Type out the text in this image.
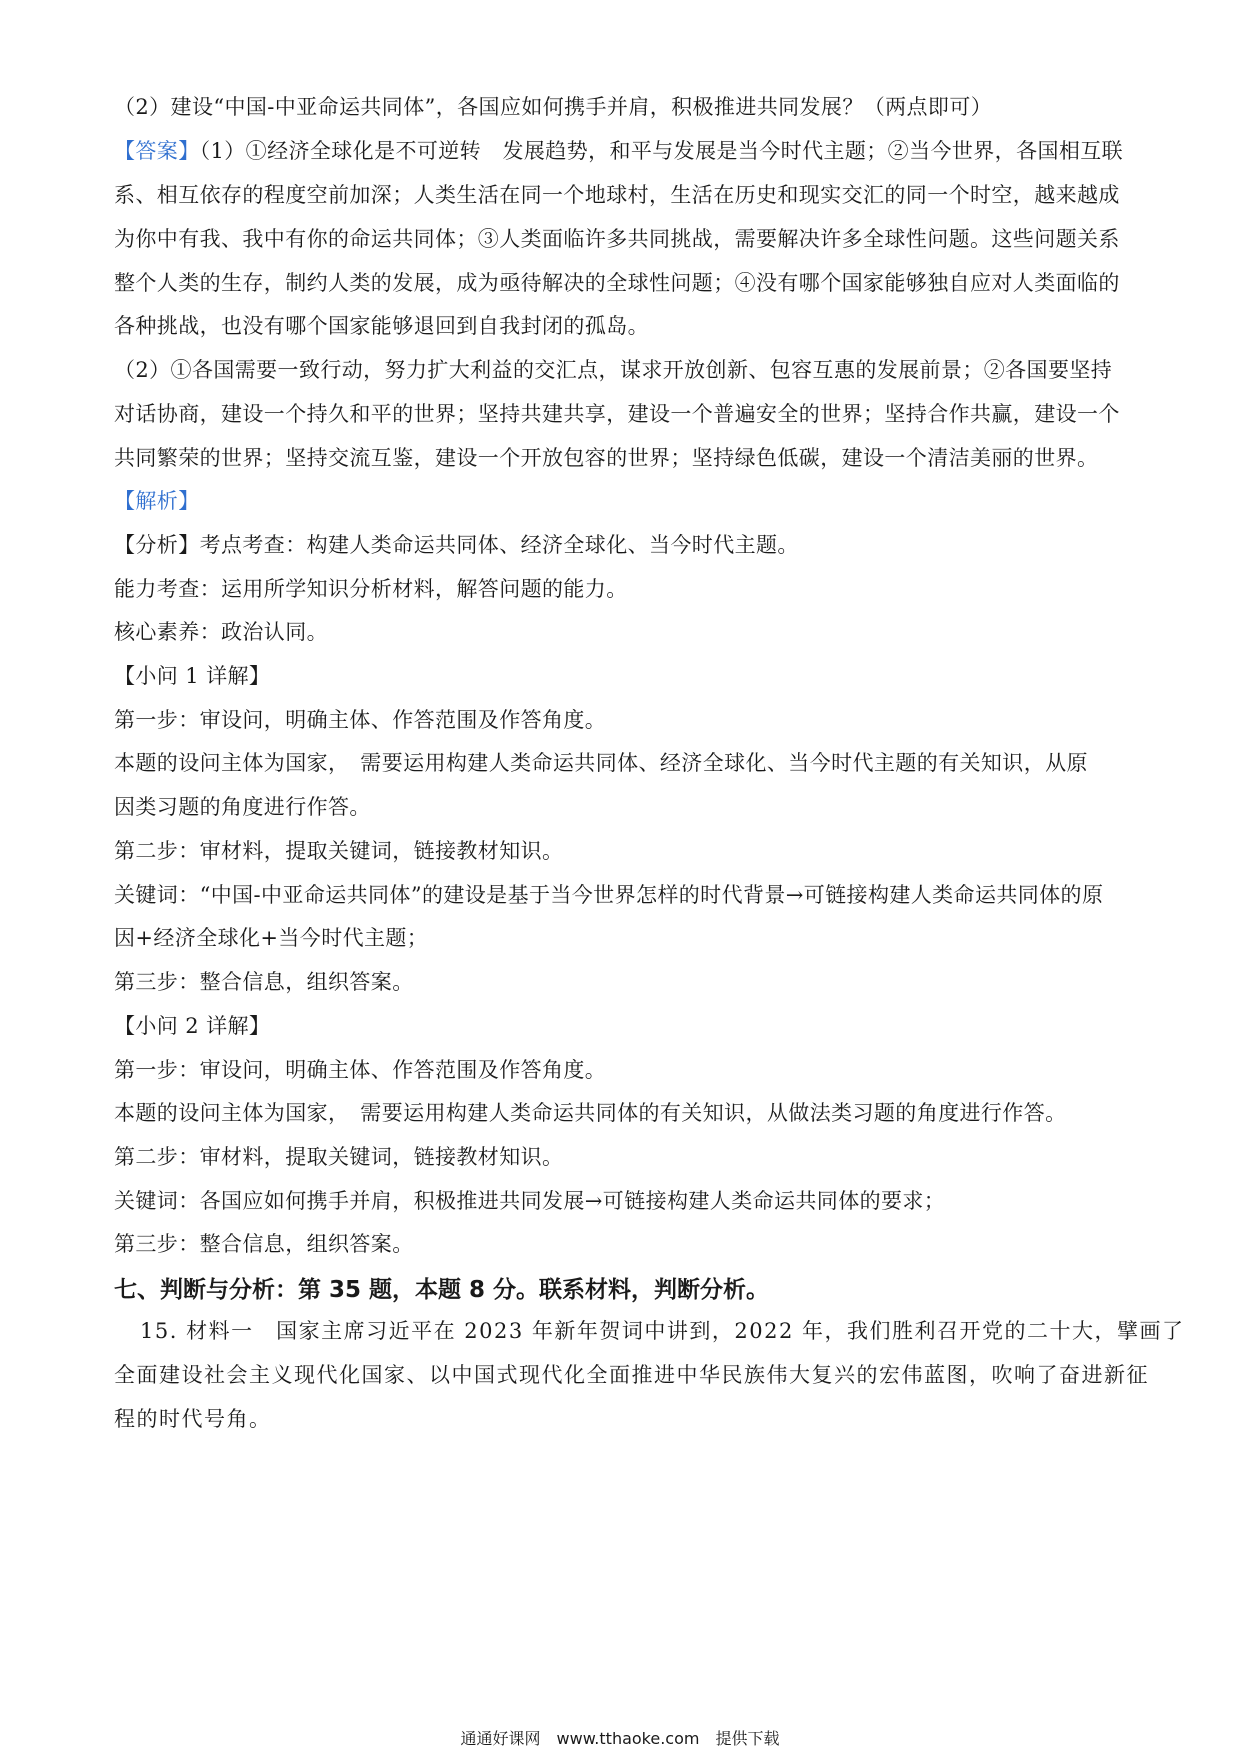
（2）建设“中国-中亚命运共同体”，各国应如何携手并肩，积极推进共同发展？（两点即可）
【答案】（1）①经济全球化是不可逆转　发展趋势，和平与发展是当今时代主题；②当今世界，各国相互联
系、相互依存的程度空前加深；人类生活在同一个地球村，生活在历史和现实交汇的同一个时空，越来越成
为你中有我、我中有你的命运共同体；③人类面临许多共同挑战，需要解决许多全球性问题。这些问题关系
整个人类的生存，制约人类的发展，成为亟待解决的全球性问题；④没有哪个国家能够独自应对人类面临的
各种挑战，也没有哪个国家能够退回到自我封闭的孤岛。
（2）①各国需要一致行动，努力扩大利益的交汇点，谋求开放创新、包容互惠的发展前景；②各国要坚持
对话协商，建设一个持久和平的世界；坚持共建共享，建设一个普遍安全的世界；坚持合作共赢，建设一个
共同繁荣的世界；坚持交流互鉴，建设一个开放包容的世界；坚持绿色低碳，建设一个清洁美丽的世界。
【解析】
【分析】考点考查：构建人类命运共同体、经济全球化、当今时代主题。
能力考查：运用所学知识分析材料，解答问题的能力。
核心素养：政治认同。
【小问 1 详解】
第一步：审设问，明确主体、作答范围及作答角度。
本题的设问主体为国家，　需要运用构建人类命运共同体、经济全球化、当今时代主题的有关知识，从原
因类习题的角度进行作答。
第二步：审材料，提取关键词，链接教材知识。
关键词：“中国-中亚命运共同体”的建设是基于当今世界怎样的时代背景→可链接构建人类命运共同体的原
因+经济全球化+当今时代主题；
第三步：整合信息，组织答案。
【小问 2 详解】
第一步：审设问，明确主体、作答范围及作答角度。
本题的设问主体为国家，　需要运用构建人类命运共同体的有关知识，从做法类习题的角度进行作答。
第二步：审材料，提取关键词，链接教材知识。
关键词：各国应如何携手并肩，积极推进共同发展→可链接构建人类命运共同体的要求；
第三步：整合信息，组织答案。
七、判断与分析：第 35 题，本题 8 分。联系材料，判断分析。
15. 材料一　国家主席习近平在 2023 年新年贺词中讲到，2022 年，我们胜利召开党的二十大，擘画了
全面建设社会主义现代化国家、以中国式现代化全面推进中华民族伟大复兴的宏伟蓝图，吹响了奋进新征
程的时代号角。
通通好课网　www.tthaoke.com　提供下载
